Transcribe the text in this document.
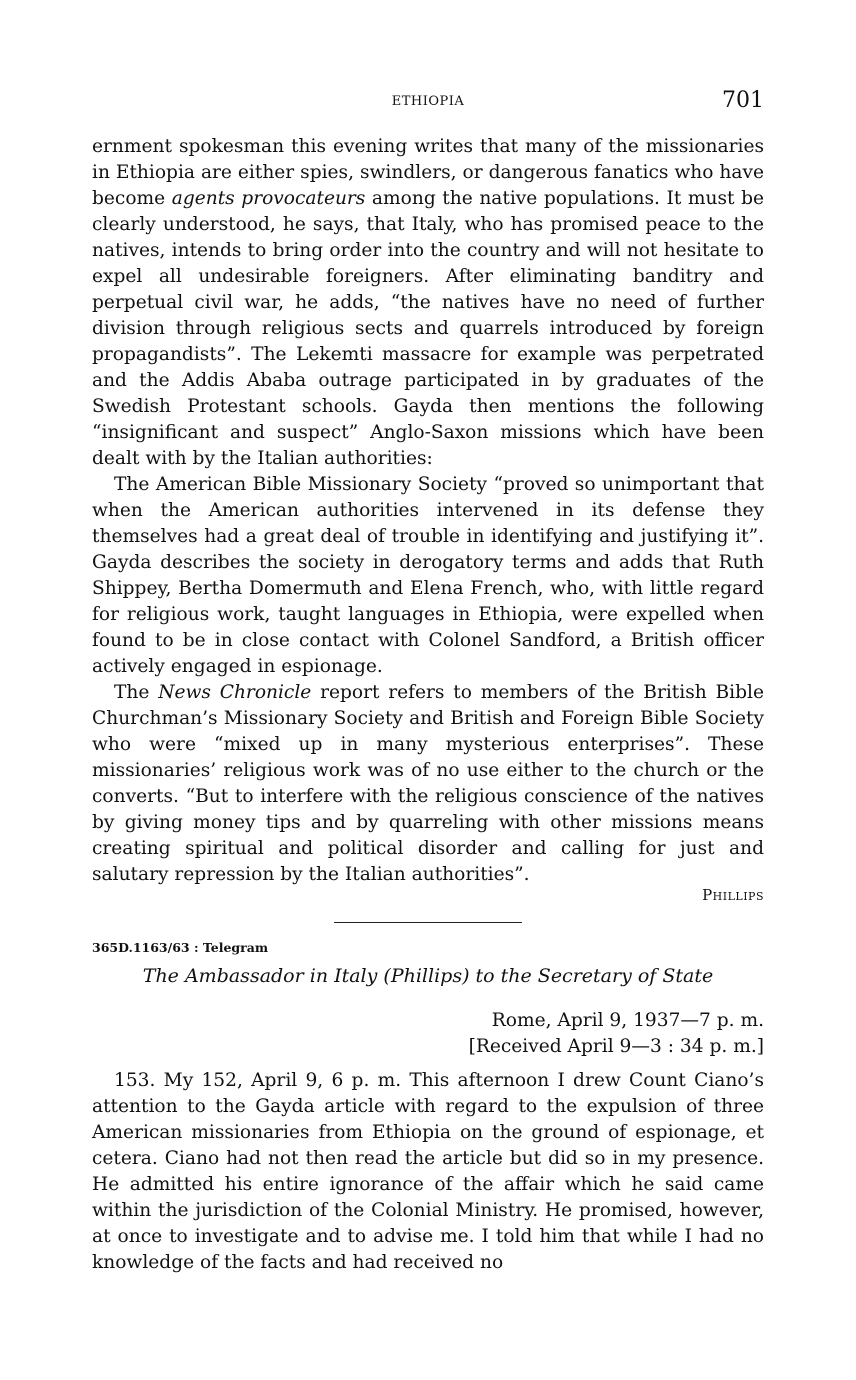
ETHIOPIA	701

ernment spokesman this evening writes that many of the missionaries in Ethiopia are either spies, swindlers, or dangerous fanatics who have become agents provocateurs among the native populations. It must be clearly understood, he says, that Italy, who has promised peace to the natives, intends to bring order into the country and will not hesitate to expel all undesirable foreigners. After eliminating banditry and perpetual civil war, he adds, “the natives have no need of further division through religious sects and quarrels introduced by foreign propagandists”. The Lekemti massacre for example was perpetrated and the Addis Ababa outrage participated in by graduates of the Swedish Protestant schools. Gayda then mentions the following “insignificant and suspect” Anglo-Saxon missions which have been dealt with by the Italian authorities:

The American Bible Missionary Society “proved so unimportant that when the American authorities intervened in its defense they themselves had a great deal of trouble in identifying and justifying it”. Gayda describes the society in derogatory terms and adds that Ruth Shippey, Bertha Domermuth and Elena French, who, with little regard for religious work, taught languages in Ethiopia, were expelled when found to be in close contact with Colonel Sandford, a British officer actively engaged in espionage.

The News Chronicle report refers to members of the British Bible Churchman’s Missionary Society and British and Foreign Bible Society who were “mixed up in many mysterious enterprises”. These missionaries’ religious work was of no use either to the church or the converts. “But to interfere with the religious conscience of the natives by giving money tips and by quarreling with other missions means creating spiritual and political disorder and calling for just and salutary repression by the Italian authorities”.

Phillips
365D.1163/63 : Telegram
The Ambassador in Italy (Phillips) to the Secretary of State
Rome, April 9, 1937—7 p. m.
[Received April 9—3 : 34 p. m.]

153. My 152, April 9, 6 p. m. This afternoon I drew Count Ciano’s attention to the Gayda article with regard to the expulsion of three American missionaries from Ethiopia on the ground of espionage, et cetera. Ciano had not then read the article but did so in my presence. He admitted his entire ignorance of the affair which he said came within the jurisdiction of the Colonial Ministry. He promised, however, at once to investigate and to advise me. I told him that while I had no knowledge of the facts and had received no
